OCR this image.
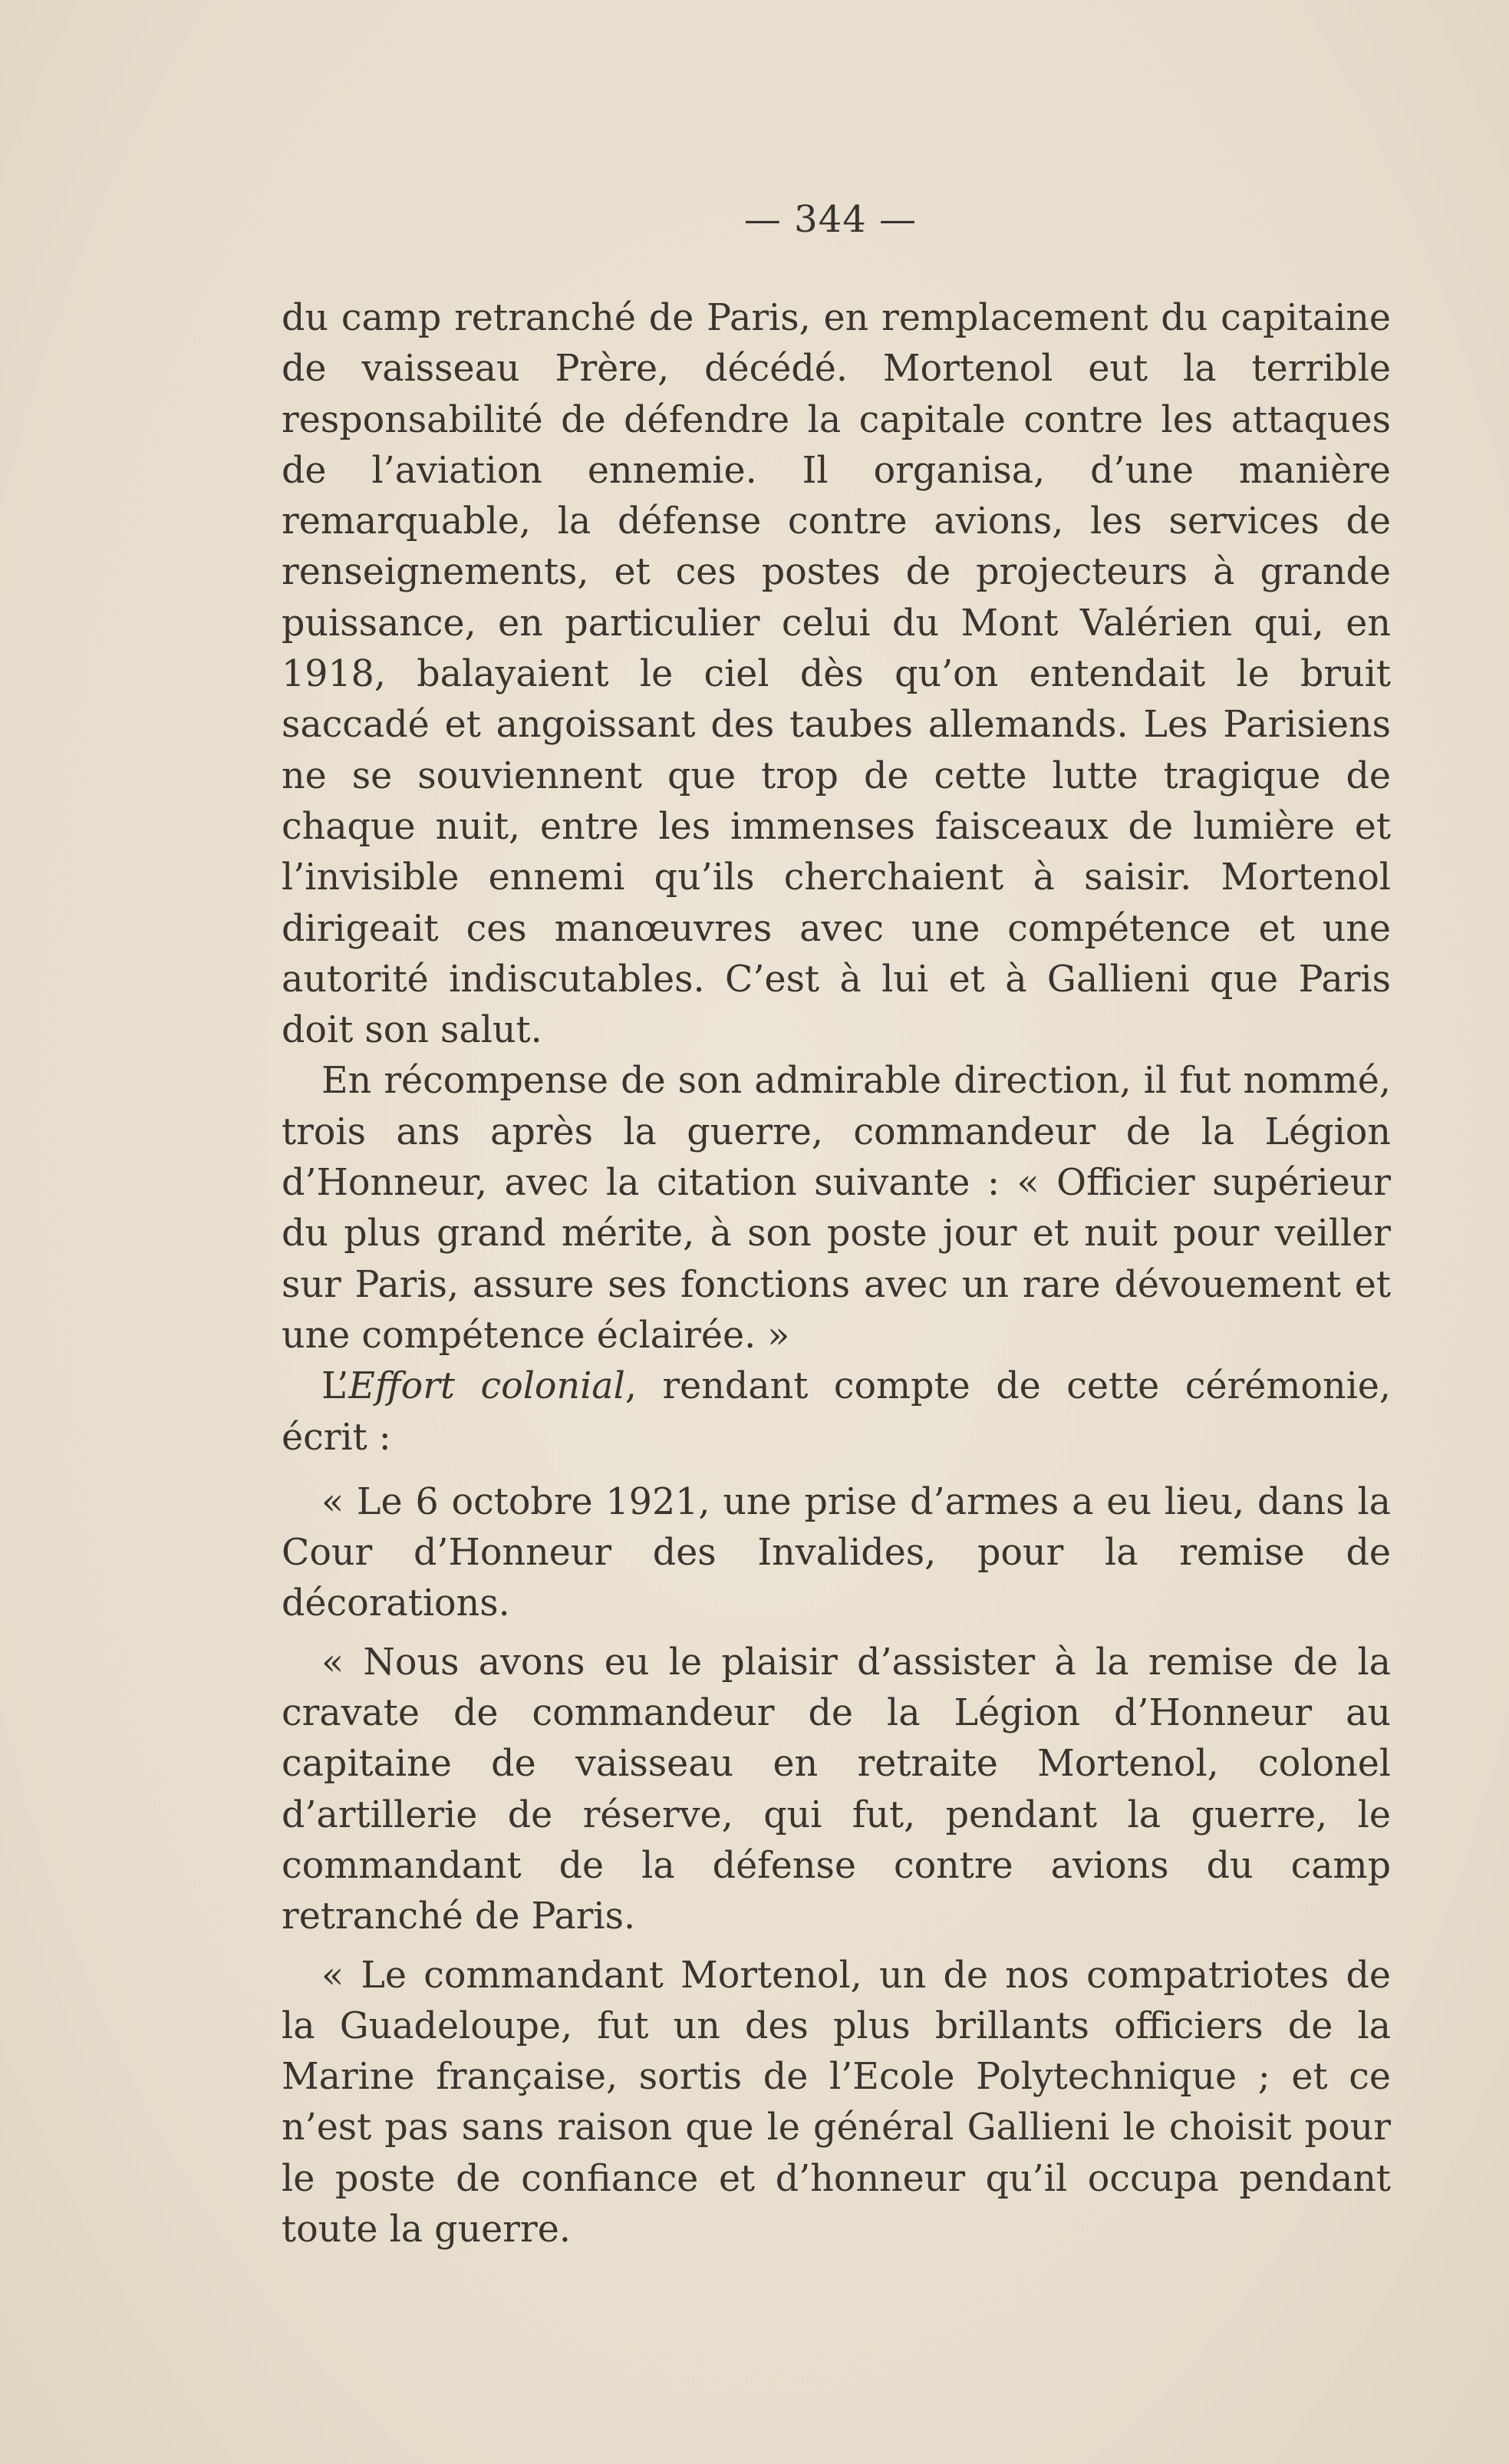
— 344 —

du camp retranché de Paris, en remplacement du capitaine de vaisseau Prère, décédé. Mortenol eut la terrible responsabilité de défendre la capitale contre les attaques de l’aviation ennemie. Il organisa, d’une manière remarquable, la défense contre avions, les services de renseignements, et ces postes de projecteurs à grande puissance, en particulier celui du Mont Valérien qui, en 1918, balayaient le ciel dès qu’on entendait le bruit saccadé et angoissant des taubes allemands. Les Parisiens ne se souviennent que trop de cette lutte tragique de chaque nuit, entre les immenses faisceaux de lumière et l’invisible ennemi qu’ils cherchaient à saisir. Mortenol dirigeait ces manœuvres avec une compétence et une autorité indiscutables. C’est à lui et à Gallieni que Paris doit son salut.

En récompense de son admirable direction, il fut nommé, trois ans après la guerre, commandeur de la Légion d’Honneur, avec la citation suivante : « Officier supérieur du plus grand mérite, à son poste jour et nuit pour veiller sur Paris, assure ses fonctions avec un rare dévouement et une compétence éclairée. »

L’Effort colonial, rendant compte de cette cérémonie, écrit :

« Le 6 octobre 1921, une prise d’armes a eu lieu, dans la Cour d’Honneur des Invalides, pour la remise de décorations.

« Nous avons eu le plaisir d’assister à la remise de la cravate de commandeur de la Légion d’Honneur au capitaine de vaisseau en retraite Mortenol, colonel d’artillerie de réserve, qui fut, pendant la guerre, le commandant de la défense contre avions du camp retranché de Paris.

« Le commandant Mortenol, un de nos compatriotes de la Guadeloupe, fut un des plus brillants officiers de la Marine française, sortis de l’Ecole Polytechnique ; et ce n’est pas sans raison que le général Gallieni le choisit pour le poste de confiance et d’honneur qu’il occupa pendant toute la guerre.
